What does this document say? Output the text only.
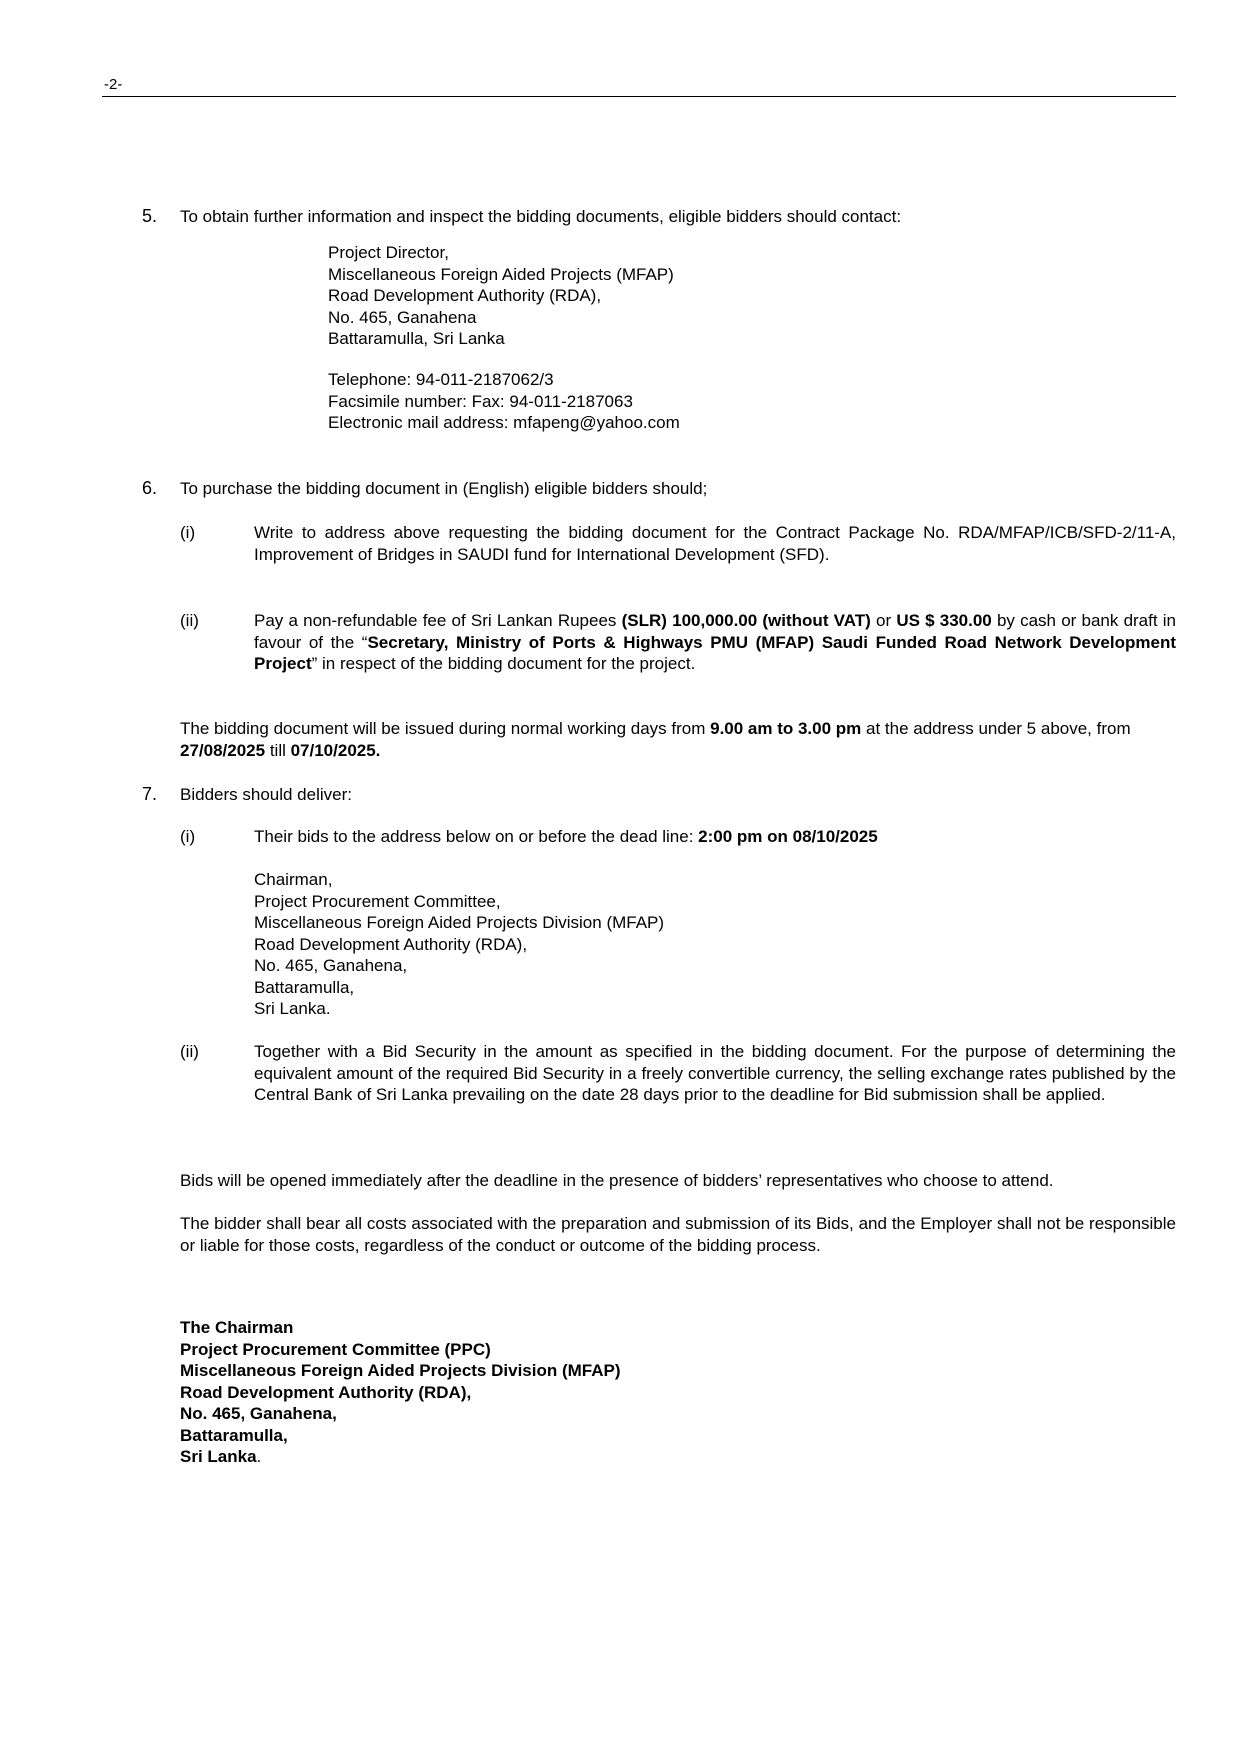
-2-
5. To obtain further information and inspect the bidding documents, eligible bidders should contact:
Project Director,
Miscellaneous Foreign Aided Projects (MFAP)
Road Development Authority (RDA),
No. 465, Ganahena
Battaramulla, Sri Lanka
Telephone: 94-011-2187062/3
Facsimile number: Fax: 94-011-2187063
Electronic mail address: mfapeng@yahoo.com
6. To purchase the bidding document in (English) eligible bidders should;
(i)	Write to address above requesting the bidding document for the Contract Package No. RDA/MFAP/ICB/SFD-2/11-A, Improvement of Bridges in SAUDI fund for International Development (SFD).
(ii)	Pay a non-refundable fee of Sri Lankan Rupees (SLR) 100,000.00 (without VAT) or US $ 330.00 by cash or bank draft in favour of the “Secretary, Ministry of Ports & Highways PMU (MFAP) Saudi Funded Road Network Development Project” in respect of the bidding document for the project.
The bidding document will be issued during normal working days from 9.00 am to 3.00 pm at the address under 5 above, from 27/08/2025 till 07/10/2025.
7. Bidders should deliver:
(i)	Their bids to the address below on or before the dead line: 2:00 pm on 08/10/2025
Chairman,
Project Procurement Committee,
Miscellaneous Foreign Aided Projects Division (MFAP)
Road Development Authority (RDA),
No. 465, Ganahena,
Battaramulla,
Sri Lanka.
(ii)	Together with a Bid Security in the amount as specified in the bidding document. For the purpose of determining the equivalent amount of the required Bid Security in a freely convertible currency, the selling exchange rates published by the Central Bank of Sri Lanka prevailing on the date 28 days prior to the deadline for Bid submission shall be applied.
Bids will be opened immediately after the deadline in the presence of bidders’ representatives who choose to attend.
The bidder shall bear all costs associated with the preparation and submission of its Bids, and the Employer shall not be responsible or liable for those costs, regardless of the conduct or outcome of the bidding process.
The Chairman
Project Procurement Committee (PPC)
Miscellaneous Foreign Aided Projects Division (MFAP)
Road Development Authority (RDA),
No. 465, Ganahena,
Battaramulla,
Sri Lanka.
